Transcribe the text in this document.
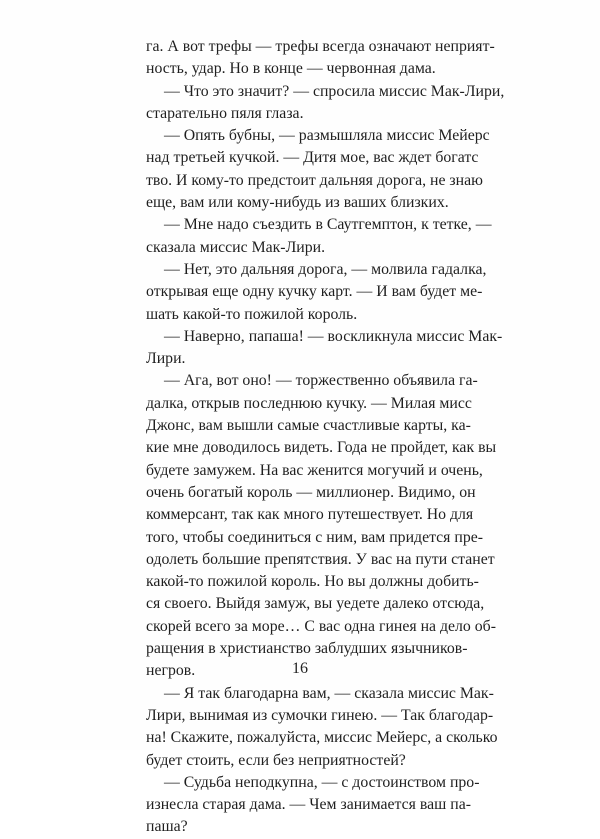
га. А вот трефы — трефы всегда означают неприят-
ность, удар. Но в конце — червонная дама.
— Что это значит? — спросила миссис Мак-Лири,
старательно пяля глаза.
— Опять бубны, — размышляла миссис Мейерс
над третьей кучкой. — Дитя мое, вас ждет богатс
тво. И кому-то предстоит дальняя дорога, не знаю
еще, вам или кому-нибудь из ваших близких.
— Мне надо съездить в Саутгемптон, к тетке, —
сказала миссис Мак-Лири.
— Нет, это дальняя дорога, — молвила гадалка,
открывая еще одну кучку карт. — И вам будет ме-
шать какой-то пожилой король.
— Наверно, папаша! — воскликнула миссис Мак-
Лири.
— Ага, вот оно! — торжественно объявила га-
далка, открыв последнюю кучку. — Милая мисс
Джонс, вам вышли самые счастливые карты, ка-
кие мне доводилось видеть. Года не пройдет, как вы
будете замужем. На вас женится могучий и очень,
очень богатый король — миллионер. Видимо, он
коммерсант, так как много путешествует. Но для
того, чтобы соединиться с ним, вам придется пре-
одолеть большие препятствия. У вас на пути станет
какой-то пожилой король. Но вы должны добить-
ся своего. Выйдя замуж, вы уедете далеко отсюда,
скорей всего за море… С вас одна гинея на дело об-
ращения в христианство заблудших язычников-
негров.
— Я так благодарна вам, — сказала миссис Мак-
Лири, вынимая из сумочки гинею. — Так благодар-
на! Скажите, пожалуйста, миссис Мейерс, а сколько
будет стоить, если без неприятностей?
— Судьба неподкупна, — с достоинством про-
изнесла старая дама. — Чем занимается ваш па-
паша?
16
